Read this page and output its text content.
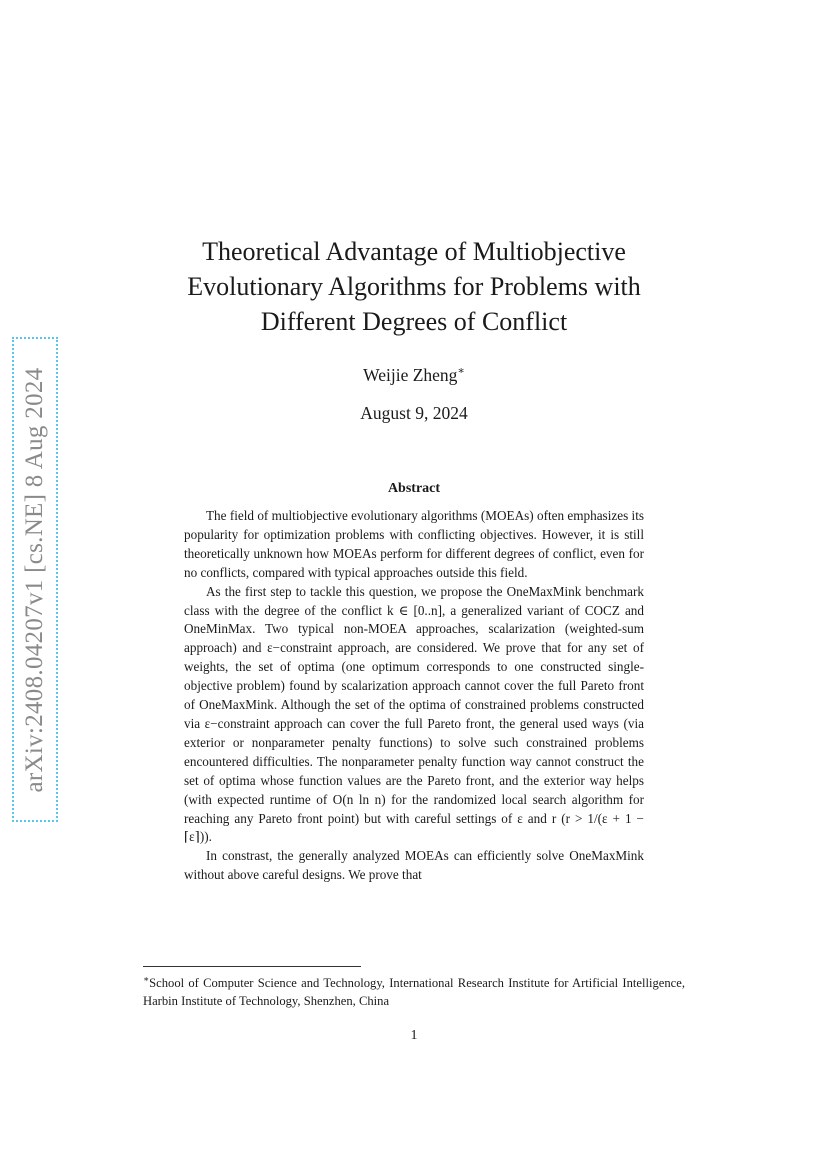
arXiv:2408.04207v1 [cs.NE] 8 Aug 2024
Theoretical Advantage of Multiobjective
Evolutionary Algorithms for Problems with
Different Degrees of Conflict
Weijie Zheng∗
August 9, 2024
Abstract

The field of multiobjective evolutionary algorithms (MOEAs) often emphasizes its popularity for optimization problems with conflicting objectives. However, it is still theoretically unknown how MOEAs perform for different degrees of conflict, even for no conflicts, compared with typical approaches outside this field.

As the first step to tackle this question, we propose the OneMaxMink benchmark class with the degree of the conflict k ∈ [0..n], a generalized variant of COCZ and OneMinMax. Two typical non-MOEA approaches, scalarization (weighted-sum approach) and ε−constraint approach, are considered. We prove that for any set of weights, the set of optima (one optimum corresponds to one constructed single-objective problem) found by scalarization approach cannot cover the full Pareto front of OneMaxMink. Although the set of the optima of constrained problems constructed via ε−constraint approach can cover the full Pareto front, the general used ways (via exterior or nonparameter penalty functions) to solve such constrained problems encountered difficulties. The nonparameter penalty function way cannot construct the set of optima whose function values are the Pareto front, and the exterior way helps (with expected runtime of O(n ln n) for the randomized local search algorithm for reaching any Pareto front point) but with careful settings of ε and r (r > 1/(ε + 1 − ⌈ε⌉)).

In constrast, the generally analyzed MOEAs can efficiently solve OneMaxMink without above careful designs. We prove that

∗School of Computer Science and Technology, International Research Institute for Artificial Intelligence, Harbin Institute of Technology, Shenzhen, China
1
